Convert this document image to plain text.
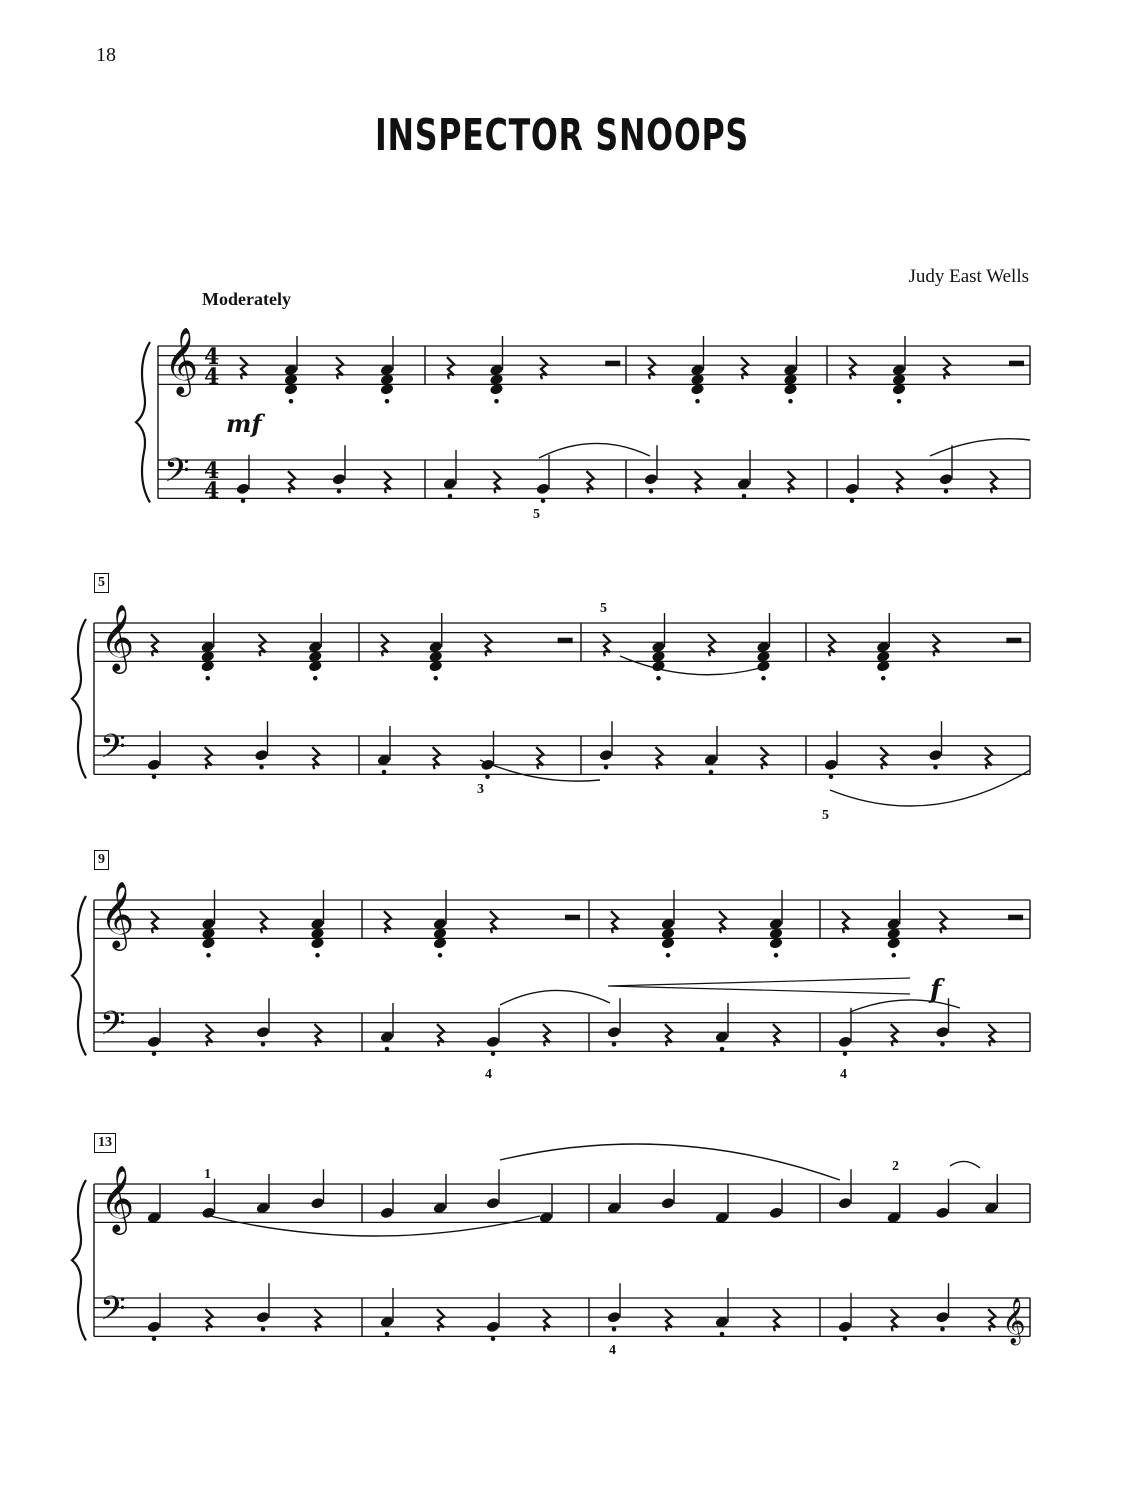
18
INSPECTOR SNOOPS
Judy East Wells
Moderately
5
9
13
𝄞
𝄢
4
4
4
4
𝄞
𝄢
𝄞
𝄢
𝄞
𝄢	𝄞
mf
f
5
5
3
5
4	4
1
2
4
